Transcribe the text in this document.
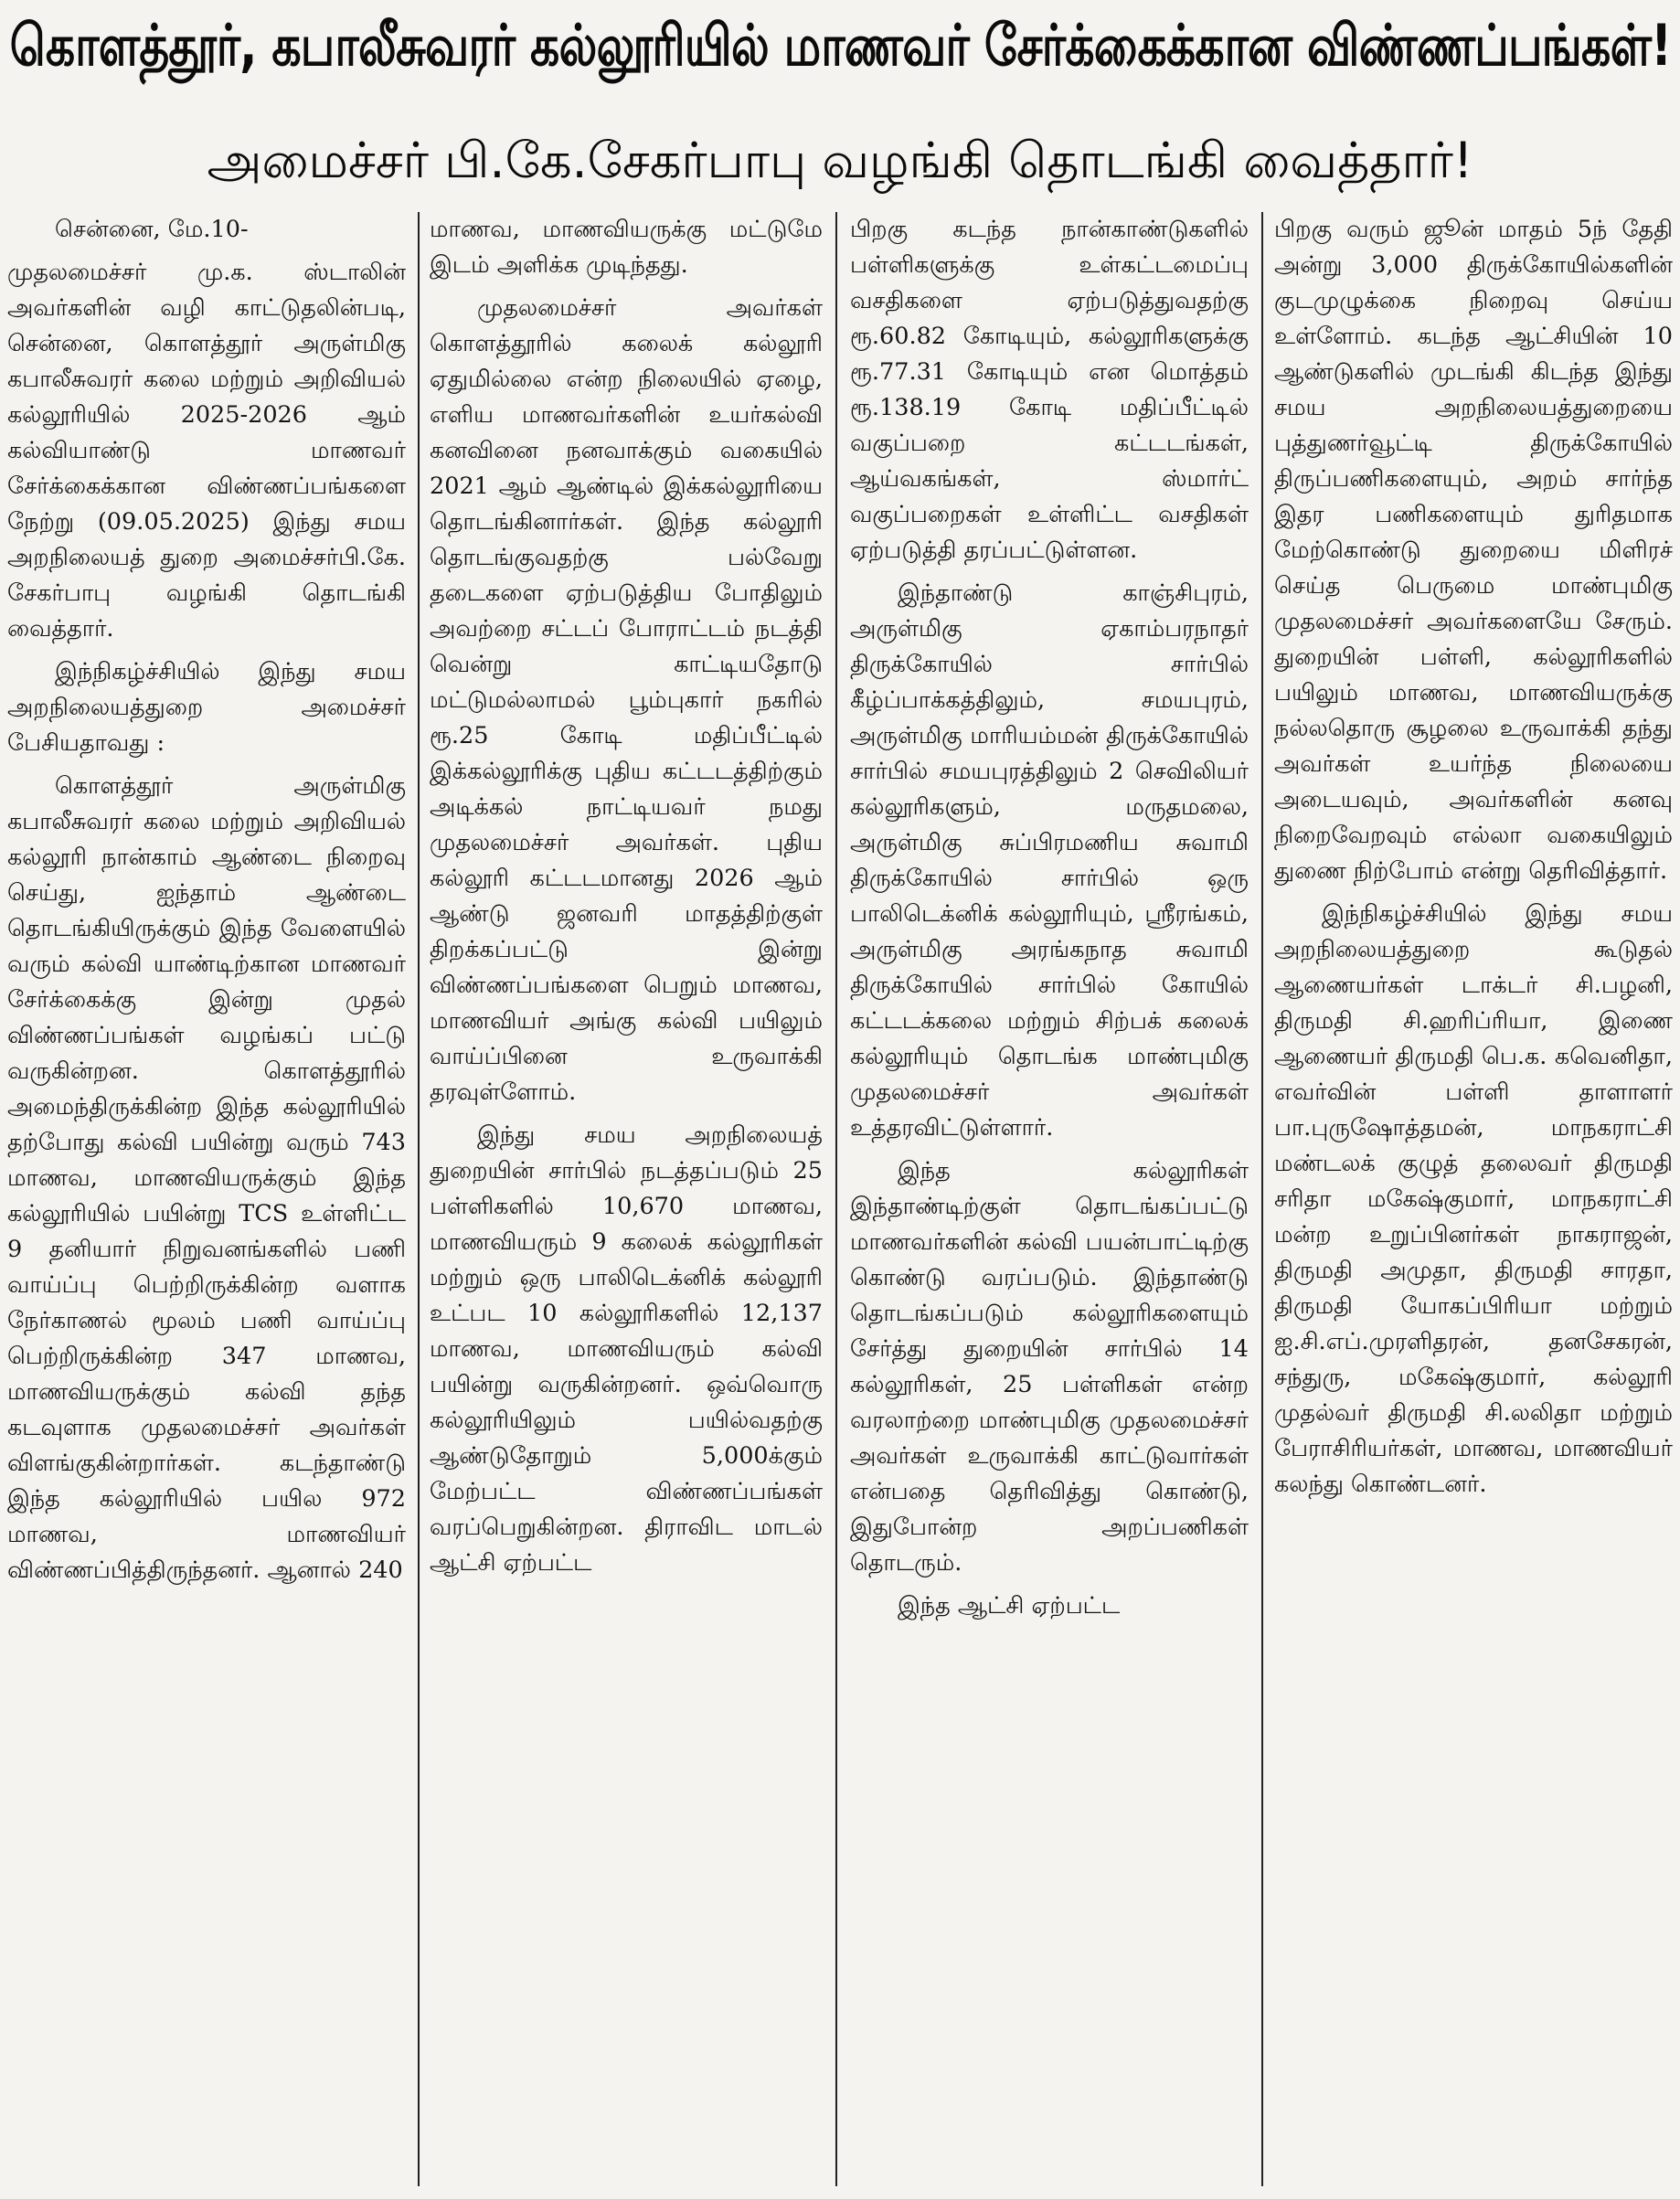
கொளத்தூர், கபாலீசுவரர் கல்லூரியில் மாணவர் சேர்க்கைக்கான விண்ணப்பங்கள்!
அமைச்சர் பி.கே.சேகர்பாபு வழங்கி தொடங்கி வைத்தார்!

சென்னை, மே.10-

முதலமைச்சர் மு.க. ஸ்டாலின் அவர்களின் வழி காட்டுதலின்படி, சென்னை, கொளத்தூர் அருள்மிகு கபாலீசுவரர் கலை மற்றும் அறிவியல் கல்லூரியில் 2025-2026 ஆம் கல்வியாண்டு மாணவர் சேர்க்கைக்கான விண்ணப்பங்களை நேற்று (09.05.2025) இந்து சமய அறநிலையத் துறை அமைச்சர்பி.கே. சேகர்பாபு வழங்கி தொடங்கி வைத்தார்.

இந்நிகழ்ச்சியில் இந்து சமய அறநிலையத்துறை அமைச்சர் பேசியதாவது :

கொளத்தூர் அருள்மிகு கபாலீசுவரர் கலை மற்றும் அறிவியல் கல்லூரி நான்காம் ஆண்டை நிறைவு செய்து, ஐந்தாம் ஆண்டை தொடங்கியிருக்கும் இந்த வேளையில் வரும் கல்வி யாண்டிற்கான மாணவர் சேர்க்கைக்கு இன்று முதல் விண்ணப்பங்கள் வழங்கப் பட்டு வருகின்றன. கொளத்தூரில் அமைந்திருக்கின்ற இந்த கல்லூரியில் தற்போது கல்வி பயின்று வரும் 743 மாணவ, மாணவியருக்கும் இந்த கல்லூரியில் பயின்று TCS உள்ளிட்ட 9 தனியார் நிறுவனங்களில் பணி வாய்ப்பு பெற்றிருக்கின்ற வளாக நேர்காணல் மூலம் பணி வாய்ப்பு பெற்றிருக்கின்ற 347 மாணவ, மாணவியருக்கும் கல்வி தந்த கடவுளாக முதலமைச்சர் அவர்கள் விளங்குகின்றார்கள். கடந்தாண்டு இந்த கல்லூரியில் பயில 972 மாணவ, மாணவியர் விண்ணப்பித்திருந்தனர். ஆனால் 240

மாணவ, மாணவியருக்கு மட்டுமே இடம் அளிக்க முடிந்தது.

முதலமைச்சர் அவர்கள் கொளத்தூரில் கலைக் கல்லூரி ஏதுமில்லை என்ற நிலையில் ஏழை, எளிய மாணவர்களின் உயர்கல்வி கனவினை நனவாக்கும் வகையில் 2021 ஆம் ஆண்டில் இக்கல்லூரியை தொடங்கினார்கள். இந்த கல்லூரி தொடங்குவதற்கு பல்வேறு தடைகளை ஏற்படுத்திய போதிலும் அவற்றை சட்டப் போராட்டம் நடத்தி வென்று காட்டியதோடு மட்டுமல்லாமல் பூம்புகார் நகரில் ரூ.25 கோடி மதிப்பீட்டில் இக்கல்லூரிக்கு புதிய கட்டடத்திற்கும் அடிக்கல் நாட்டியவர் நமது முதலமைச்சர் அவர்கள். புதிய கல்லூரி கட்டடமானது 2026 ஆம் ஆண்டு ஜனவரி மாதத்திற்குள் திறக்கப்பட்டு இன்று விண்ணப்பங்களை பெறும் மாணவ, மாணவியர் அங்கு கல்வி பயிலும் வாய்ப்பினை உருவாக்கி தரவுள்ளோம்.

இந்து சமய அறநிலையத் துறையின் சார்பில் நடத்தப்படும் 25 பள்ளிகளில் 10,670 மாணவ, மாணவியரும் 9 கலைக் கல்லூரிகள் மற்றும் ஒரு பாலிடெக்னிக் கல்லூரி உட்பட 10 கல்லூரிகளில் 12,137 மாணவ, மாணவியரும் கல்வி பயின்று வருகின்றனர். ஒவ்வொரு கல்லூரியிலும் பயில்வதற்கு ஆண்டுதோறும் 5,000க்கும் மேற்பட்ட விண்ணப்பங்கள் வரப்பெறுகின்றன. திராவிட மாடல் ஆட்சி ஏற்பட்ட

பிறகு கடந்த நான்காண்டுகளில் பள்ளிகளுக்கு உள்கட்டமைப்பு வசதிகளை ஏற்படுத்துவதற்கு ரூ.60.82 கோடியும், கல்லூரிகளுக்கு ரூ.77.31 கோடியும் என மொத்தம் ரூ.138.19 கோடி மதிப்பீட்டில் வகுப்பறை கட்டடங்கள், ஆய்வகங்கள், ஸ்மார்ட் வகுப்பறைகள் உள்ளிட்ட வசதிகள் ஏற்படுத்தி தரப்பட்டுள்ளன.

இந்தாண்டு காஞ்சிபுரம், அருள்மிகு ஏகாம்பரநாதர் திருக்கோயில் சார்பில் கீழ்ப்பாக்கத்திலும், சமயபுரம், அருள்மிகு மாரியம்மன் திருக்கோயில் சார்பில் சமயபுரத்திலும் 2 செவிலியர் கல்லூரிகளும், மருதமலை, அருள்மிகு சுப்பிரமணிய சுவாமி திருக்கோயில் சார்பில் ஒரு பாலிடெக்னிக் கல்லூரியும், ஸ்ரீரங்கம், அருள்மிகு அரங்கநாத சுவாமி திருக்கோயில் சார்பில் கோயில் கட்டடக்கலை மற்றும் சிற்பக் கலைக் கல்லூரியும் தொடங்க மாண்புமிகு முதலமைச்சர் அவர்கள் உத்தரவிட்டுள்ளார்.

இந்த கல்லூரிகள் இந்தாண்டிற்குள் தொடங்கப்பட்டு மாணவர்களின் கல்வி பயன்பாட்டிற்கு கொண்டு வரப்படும். இந்தாண்டு தொடங்கப்படும் கல்லூரிகளையும் சேர்த்து துறையின் சார்பில் 14 கல்லூரிகள், 25 பள்ளிகள் என்ற வரலாற்றை மாண்புமிகு முதலமைச்சர் அவர்கள் உருவாக்கி காட்டுவார்கள் என்பதை தெரிவித்து கொண்டு, இதுபோன்ற அறப்பணிகள் தொடரும்.

இந்த ஆட்சி ஏற்பட்ட

பிறகு வரும் ஜூன் மாதம் 5ந் தேதி அன்று 3,000 திருக்கோயில்களின் குடமுழுக்கை நிறைவு செய்ய உள்ளோம். கடந்த ஆட்சியின் 10 ஆண்டுகளில் முடங்கி கிடந்த இந்து சமய அறநிலையத்துறையை புத்துணர்வூட்டி திருக்கோயில் திருப்பணிகளையும், அறம் சார்ந்த இதர பணிகளையும் துரிதமாக மேற்கொண்டு துறையை மிளிரச் செய்த பெருமை மாண்புமிகு முதலமைச்சர் அவர்களையே சேரும். துறையின் பள்ளி, கல்லூரிகளில் பயிலும் மாணவ, மாணவியருக்கு நல்லதொரு சூழலை உருவாக்கி தந்து அவர்கள் உயர்ந்த நிலையை அடையவும், அவர்களின் கனவு நிறைவேறவும் எல்லா வகையிலும் துணை நிற்போம் என்று தெரிவித்தார்.

இந்நிகழ்ச்சியில் இந்து சமய அறநிலையத்துறை கூடுதல் ஆணையர்கள் டாக்டர் சி.பழனி, திருமதி சி.ஹரிப்ரியா, இணை ஆணையர் திருமதி பெ.க. கவெனிதா, எவர்வின் பள்ளி தாளாளர் பா.புருஷோத்தமன், மாநகராட்சி மண்டலக் குழுத் தலைவர் திருமதி சரிதா மகேஷ்குமார், மாநகராட்சி மன்ற உறுப்பினர்கள் நாகராஜன், திருமதி அமுதா, திருமதி சாரதா, திருமதி யோகப்பிரியா மற்றும் ஐ.சி.எப்.முரளிதரன், தனசேகரன், சந்துரு, மகேஷ்குமார், கல்லூரி முதல்வர் திருமதி சி.லலிதா மற்றும் பேராசிரியர்கள், மாணவ, மாணவியர் கலந்து கொண்டனர்.
